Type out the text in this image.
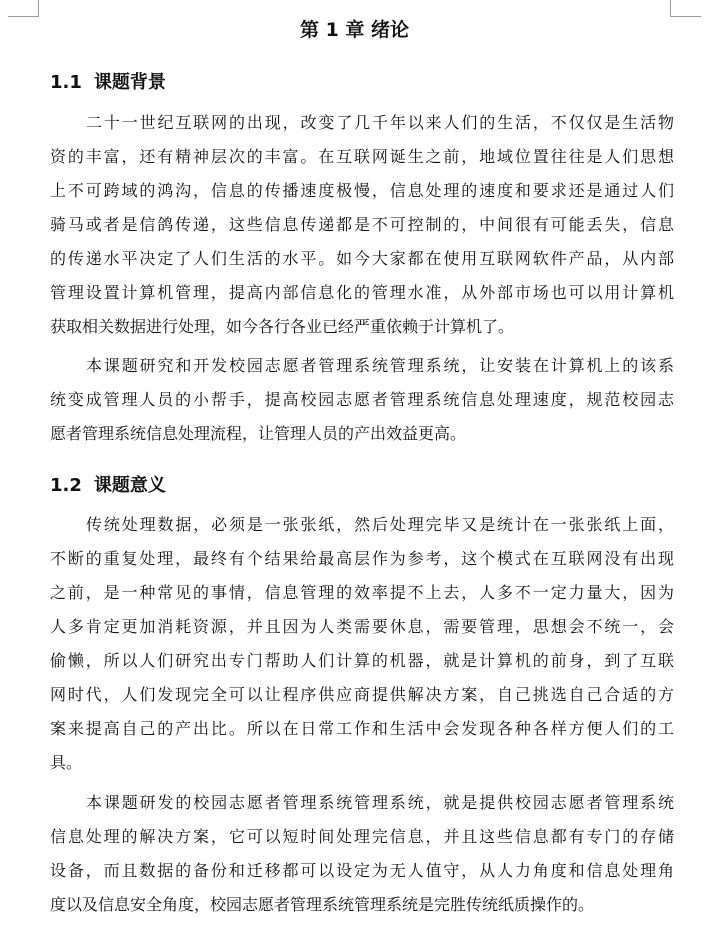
第 1 章 绪论
1.1 课题背景
二十一世纪互联网的出现，改变了几千年以来人们的生活，不仅仅是生活物
资的丰富，还有精神层次的丰富。在互联网诞生之前，地域位置往往是人们思想
上不可跨域的鸿沟，信息的传播速度极慢，信息处理的速度和要求还是通过人们
骑马或者是信鸽传递，这些信息传递都是不可控制的，中间很有可能丢失，信息
的传递水平决定了人们生活的水平。如今大家都在使用互联网软件产品，从内部
管理设置计算机管理，提高内部信息化的管理水准，从外部市场也可以用计算机
获取相关数据进行处理，如今各行各业已经严重依赖于计算机了。
本课题研究和开发校园志愿者管理系统管理系统，让安装在计算机上的该系
统变成管理人员的小帮手，提高校园志愿者管理系统信息处理速度，规范校园志
愿者管理系统信息处理流程，让管理人员的产出效益更高。
1.2 课题意义
传统处理数据，必须是一张张纸，然后处理完毕又是统计在一张张纸上面，
不断的重复处理，最终有个结果给最高层作为参考，这个模式在互联网没有出现
之前，是一种常见的事情，信息管理的效率提不上去，人多不一定力量大，因为
人多肯定更加消耗资源，并且因为人类需要休息，需要管理，思想会不统一，会
偷懒，所以人们研究出专门帮助人们计算的机器，就是计算机的前身，到了互联
网时代，人们发现完全可以让程序供应商提供解决方案，自己挑选自己合适的方
案来提高自己的产出比。所以在日常工作和生活中会发现各种各样方便人们的工
具。
本课题研发的校园志愿者管理系统管理系统，就是提供校园志愿者管理系统
信息处理的解决方案，它可以短时间处理完信息，并且这些信息都有专门的存储
设备，而且数据的备份和迁移都可以设定为无人值守，从人力角度和信息处理角
度以及信息安全角度，校园志愿者管理系统管理系统是完胜传统纸质操作的。
